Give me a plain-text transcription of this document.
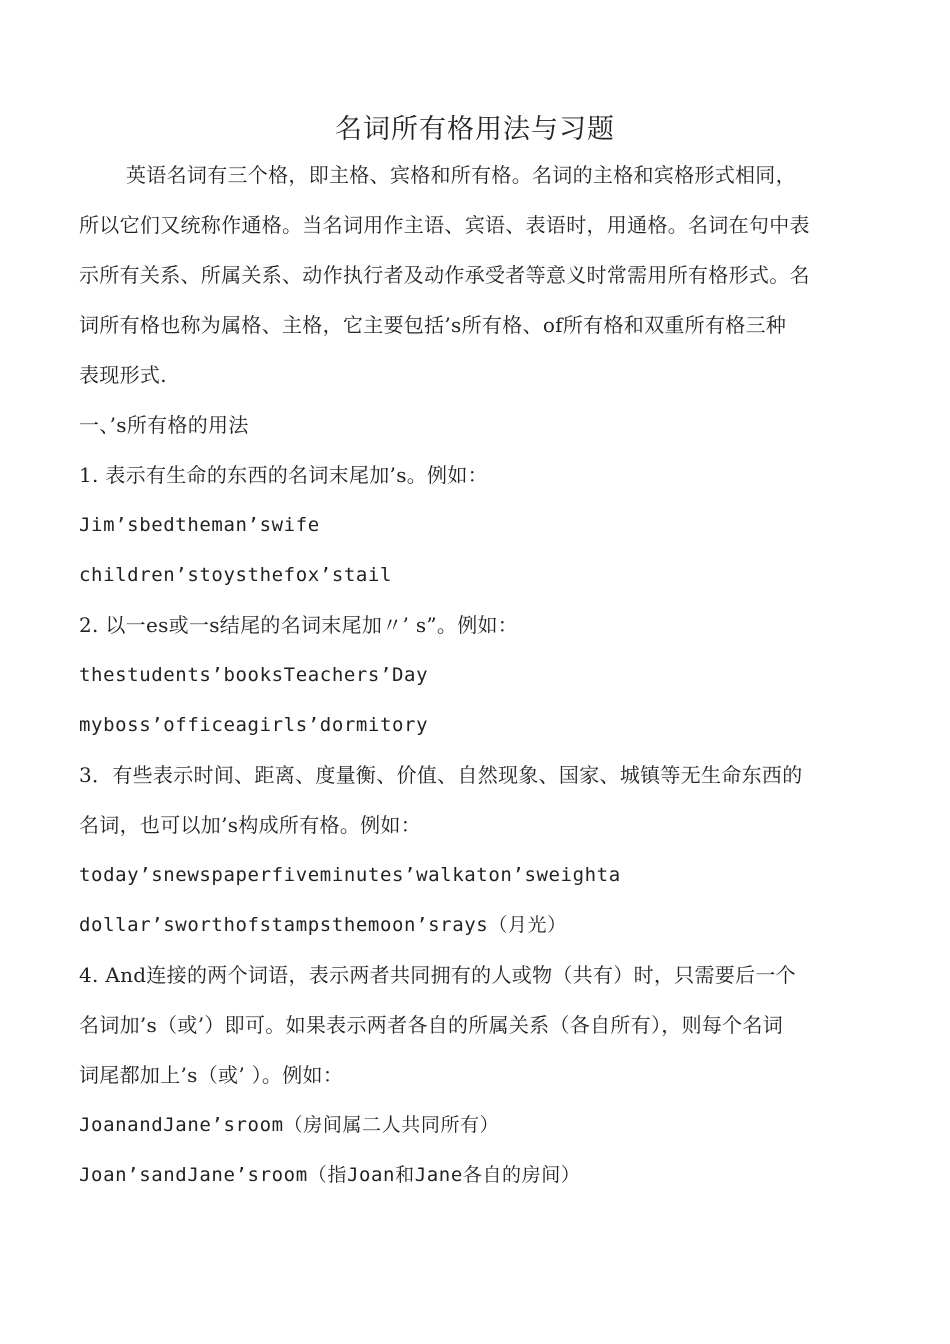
名词所有格用法与习题
英语名词有三个格，即主格、宾格和所有格。名词的主格和宾格形式相同，
所以它们又统称作通格。当名词用作主语、宾语、表语时，用通格。名词在句中表
示所有关系、所属关系、动作执行者及动作承受者等意义时常需用所有格形式。名
词所有格也称为属格、主格，它主要包括’s所有格、of所有格和双重所有格三种
表现形式.
一、’s所有格的用法
1. 表示有生命的东西的名词末尾加’s。例如：
Jim’sbedtheman’swife
children’stoysthefox’stail
2. 以一es或一s结尾的名词末尾加〃’ s”。例如：
thestudents’booksTeachers’Day
myboss’officeagirls’dormitory
3．有些表示时间、距离、度量衡、价值、自然现象、国家、城镇等无生命东西的
名词，也可以加’s构成所有格。例如：
today’snewspaperfiveminutes’walkaton’sweighta
dollar’sworthofstampsthemoon’srays（月光）
4. And连接的两个词语，表示两者共同拥有的人或物（共有）时，只需要后一个
名词加’s（或’）即可。如果表示两者各自的所属关系（各自所有），则每个名词
词尾都加上’s（或’ ）。例如：
JoanandJane’sroom（房间属二人共同所有）
Joan’sandJane’sroom（指Joan和Jane各自的房间）
